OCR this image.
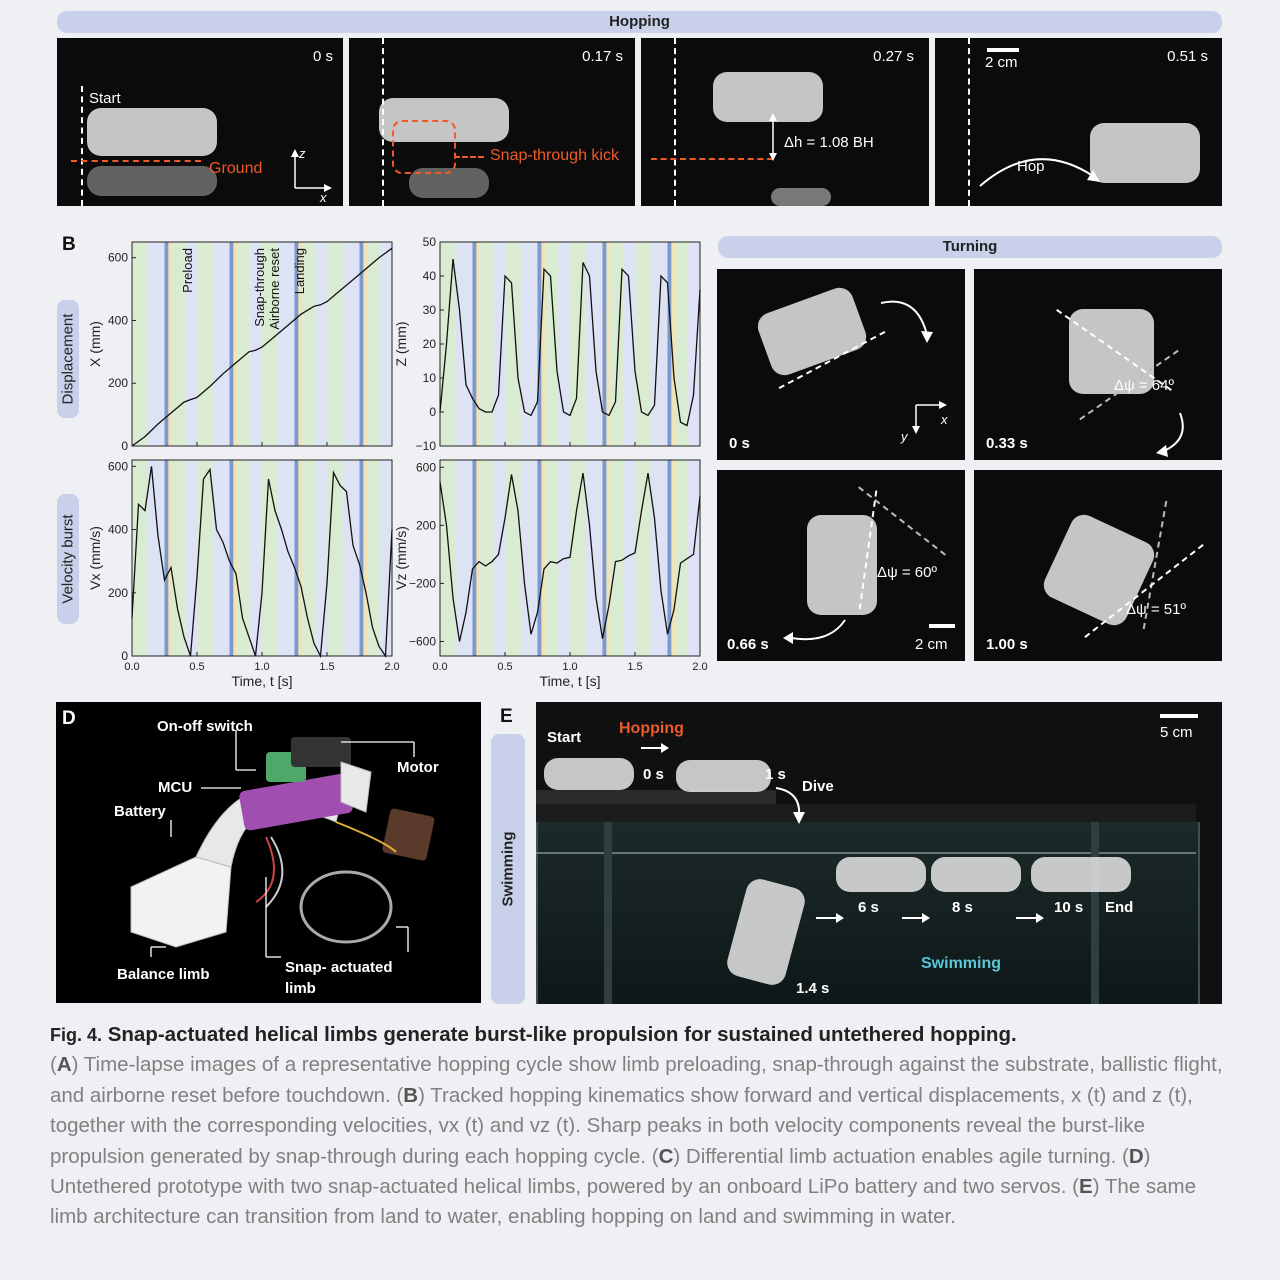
Hopping
0 s
Start
Ground
z
x
0.17 s
Snap-through kick
0.27 s
Δh = 1.08 BH
2 cm	0.51 s
Hop
B
Displacement
Velocity burst
0
200
400
600
X (mm)
−10
0
10
20
30
40
50
Z (mm)
0.0	0.5	1.0	1.5	2.0
0
200
400
600
Vx (mm/s)
Time, t [s]
0.0	0.5	1.0	1.5	2.0
−600
−200
200
600
Vz (mm/s)
Time, t [s]
Preload	Snap-through Airborne reset Landing
Turning
y
x
0 s
Δψ = 64º
0.33 s
Δψ = 60º
2 cm
0.66 s
Δψ = 51º
1.00 s
D	On-off switch
MCU
Battery
Motor
Balance limb	Snap- actuated
limb
E
Swimming
5 cm
Start
Hopping
0 s	1 s
Dive
6 s	8 s	10 s End
Swimming
1.4 s
Fig. 4. Snap-actuated helical limbs generate burst-like propulsion for sustained untethered hopping.
(A) Time-lapse images of a representative hopping cycle show limb preloading, snap-through against the substrate, ballistic flight, and airborne reset before touchdown. (B) Tracked hopping kinematics show forward and vertical displacements, x (t) and z (t), together with the corresponding velocities, vx (t) and vz (t). Sharp peaks in both velocity components reveal the burst-like propulsion generated by snap-through during each hopping cycle. (C) Differential limb actuation enables agile turning. (D) Untethered prototype with two snap-actuated helical limbs, powered by an onboard LiPo battery and two servos. (E) The same limb architecture can transition from land to water, enabling hopping on land and swimming in water.
